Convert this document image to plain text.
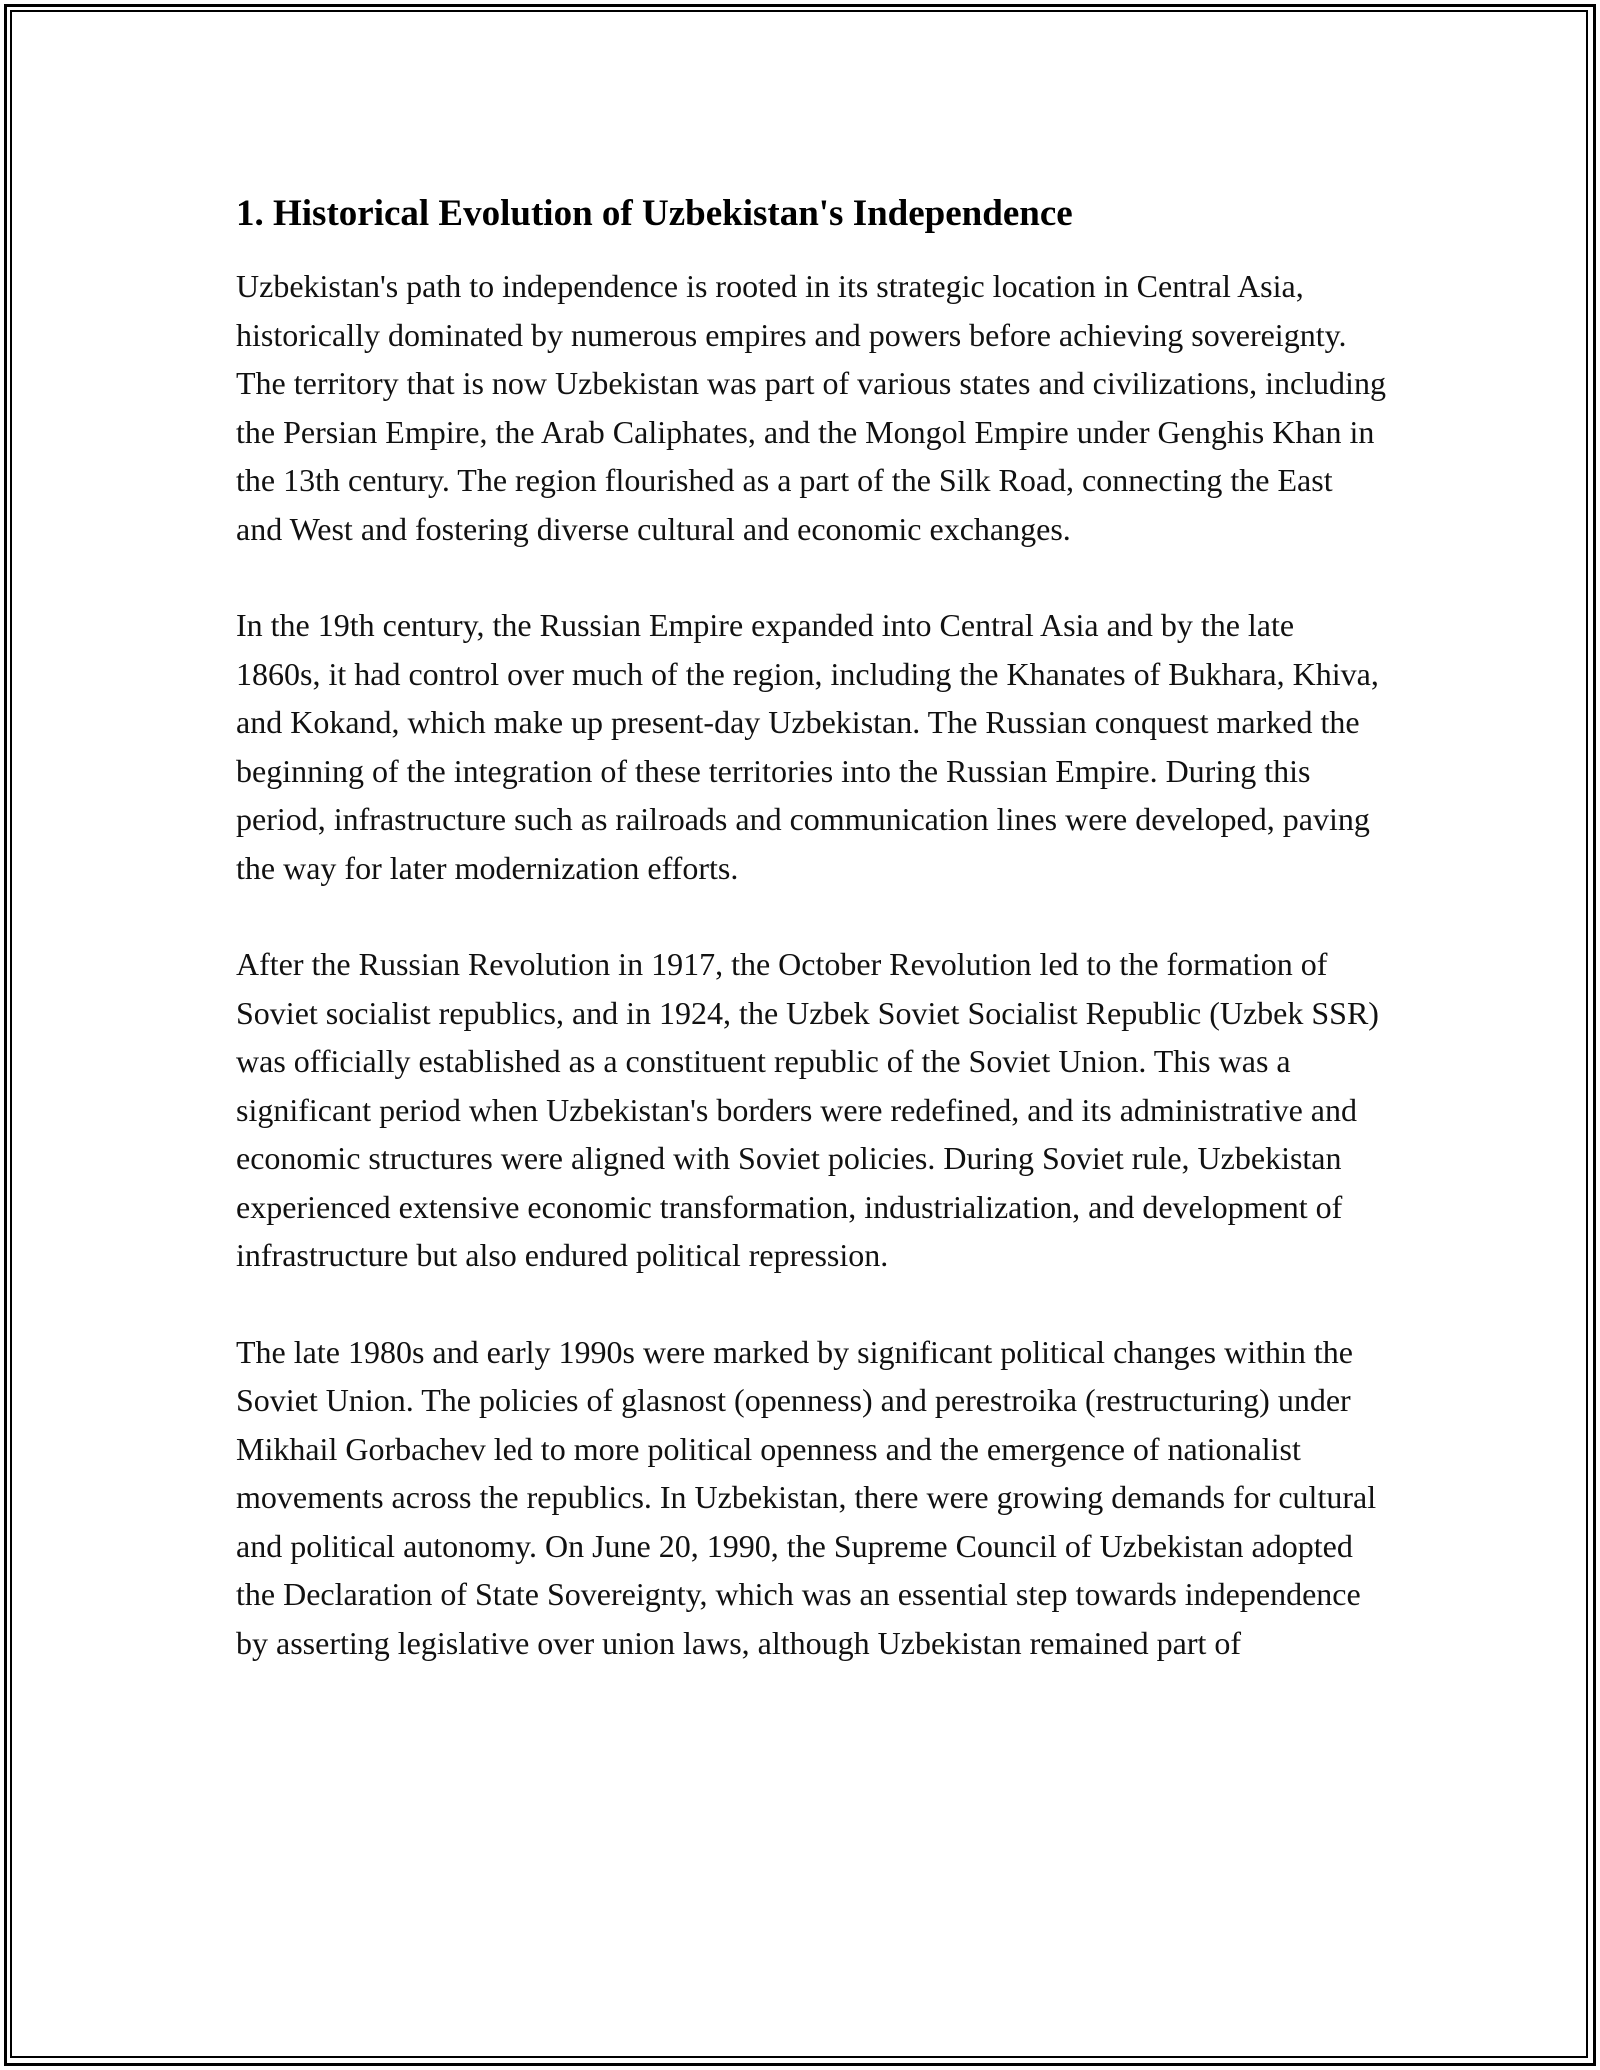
1. Historical Evolution of Uzbekistan's Independence

Uzbekistan's path to independence is rooted in its strategic location in Central Asia, historically dominated by numerous empires and powers before achieving sovereignty. The territory that is now Uzbekistan was part of various states and civilizations, including the Persian Empire, the Arab Caliphates, and the Mongol Empire under Genghis Khan in the 13th century. The region flourished as a part of the Silk Road, connecting the East and West and fostering diverse cultural and economic exchanges.

In the 19th century, the Russian Empire expanded into Central Asia and by the late 1860s, it had control over much of the region, including the Khanates of Bukhara, Khiva, and Kokand, which make up present-day Uzbekistan. The Russian conquest marked the beginning of the integration of these territories into the Russian Empire. During this period, infrastructure such as railroads and communication lines were developed, paving the way for later modernization efforts.

After the Russian Revolution in 1917, the October Revolution led to the formation of Soviet socialist republics, and in 1924, the Uzbek Soviet Socialist Republic (Uzbek SSR) was officially established as a constituent republic of the Soviet Union. This was a significant period when Uzbekistan's borders were redefined, and its administrative and economic structures were aligned with Soviet policies. During Soviet rule, Uzbekistan experienced extensive economic transformation, industrialization, and development of infrastructure but also endured political repression.

The late 1980s and early 1990s were marked by significant political changes within the Soviet Union. The policies of glasnost (openness) and perestroika (restructuring) under Mikhail Gorbachev led to more political openness and the emergence of nationalist movements across the republics. In Uzbekistan, there were growing demands for cultural and political autonomy. On June 20, 1990, the Supreme Council of Uzbekistan adopted the Declaration of State Sovereignty, which was an essential step towards independence by asserting legislative over union laws, although Uzbekistan remained part of
